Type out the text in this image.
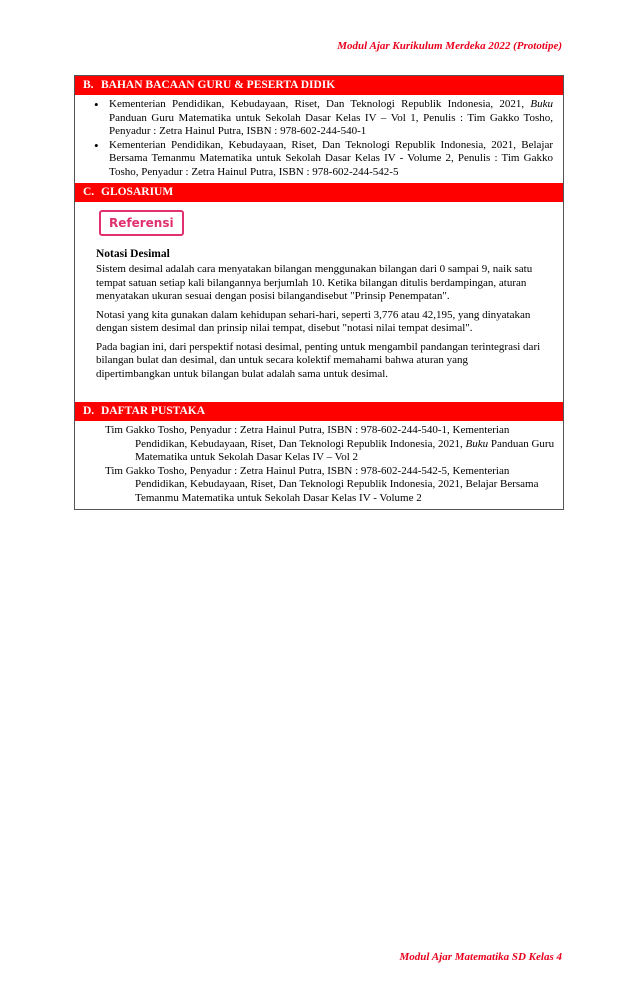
Modul Ajar Kurikulum Merdeka 2022 (Prototipe)
B. BAHAN BACAAN GURU & PESERTA DIDIK
• Kementerian Pendidikan, Kebudayaan, Riset, Dan Teknologi Republik Indonesia, 2021, Buku Panduan Guru Matematika untuk Sekolah Dasar Kelas IV – Vol 1, Penulis : Tim Gakko Tosho, Penyadur : Zetra Hainul Putra, ISBN : 978-602-244-540-1
• Kementerian Pendidikan, Kebudayaan, Riset, Dan Teknologi Republik Indonesia, 2021, Belajar Bersama Temanmu Matematika untuk Sekolah Dasar Kelas IV - Volume 2, Penulis : Tim Gakko Tosho, Penyadur : Zetra Hainul Putra, ISBN : 978-602-244-542-5
C. GLOSARIUM
Referensi
Notasi Desimal

Sistem desimal adalah cara menyatakan bilangan menggunakan bilangan dari 0 sampai 9, naik satu tempat satuan setiap kali bilangannya berjumlah 10. Ketika bilangan ditulis berdampingan, aturan menyatakan ukuran sesuai dengan posisi bilangandisebut "Prinsip Penempatan".

Notasi yang kita gunakan dalam kehidupan sehari-hari, seperti 3,776 atau 42,195, yang dinyatakan dengan sistem desimal dan prinsip nilai tempat, disebut "notasi nilai tempat desimal".

Pada bagian ini, dari perspektif notasi desimal, penting untuk mengambil pandangan terintegrasi dari bilangan bulat dan desimal, dan untuk secara kolektif memahami bahwa aturan yang dipertimbangkan untuk bilangan bulat adalah sama untuk desimal.

D. DAFTAR PUSTAKA

Tim Gakko Tosho, Penyadur : Zetra Hainul Putra, ISBN : 978-602-244-540-1, Kementerian Pendidikan, Kebudayaan, Riset, Dan Teknologi Republik Indonesia, 2021, Buku Panduan Guru Matematika untuk Sekolah Dasar Kelas IV – Vol 2

Tim Gakko Tosho, Penyadur : Zetra Hainul Putra, ISBN : 978-602-244-542-5, Kementerian Pendidikan, Kebudayaan, Riset, Dan Teknologi Republik Indonesia, 2021, Belajar Bersama Temanmu Matematika untuk Sekolah Dasar Kelas IV - Volume 2

Modul Ajar Matematika SD Kelas 4
